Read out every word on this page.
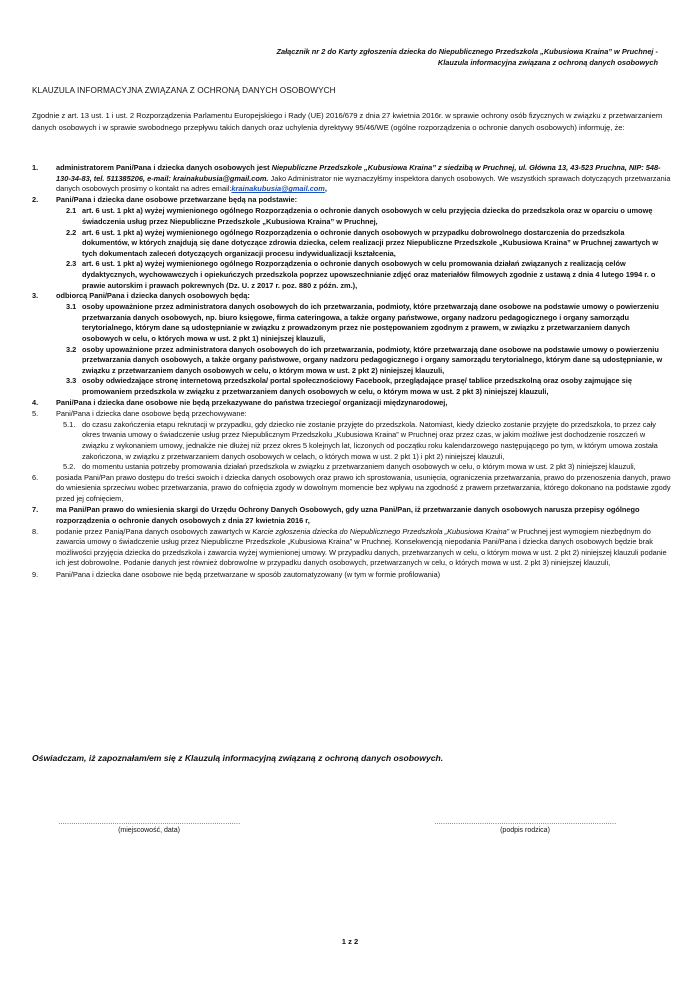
Załącznik nr 2 do Karty zgłoszenia dziecka do Niepublicznego Przedszkola „Kubusiowa Kraina” w Pruchnej -
Klauzula informacyjna związana z ochroną danych osobowych
KLAUZULA INFORMACYJNA ZWIĄZANA Z OCHRONĄ DANYCH OSOBOWYCH
Zgodnie z art. 13 ust. 1 i ust. 2 Rozporządzenia Parlamentu Europejskiego i Rady (UE) 2016/679 z dnia 27 kwietnia 2016r. w sprawie ochrony osób fizycznych w związku z przetwarzaniem danych osobowych i w sprawie swobodnego przepływu takich danych oraz uchylenia dyrektywy 95/46/WE (ogólne rozporządzenia o ochronie danych osobowych) informuję, że:
1. administratorem Pani/Pana i dziecka danych osobowych jest Niepubliczne Przedszkole „Kubusiowa Kraina” z siedzibą w Pruchnej, ul. Główna 13, 43-523 Pruchna, NIP: 548-130-34-83, tel. 511385206, e-mail: krainakubusia@gmail.com. Jako Administrator nie wyznaczyłśmy inspektora danych osobowych. We wszystkich sprawach dotyczących przetwarzania danych osobowych prosimy o kontakt na adres email:krainakubusia@gmail.com,
2. Pani/Pana i dziecka dane osobowe przetwarzane będą na podstawie:
2.1 art. 6 ust. 1 pkt a) wyżej wymienionego ogólnego Rozporządzenia o ochronie danych osobowych w celu przyjęcia dziecka do przedszkola oraz w oparciu o umowę świadczenia usług przez Niepubliczne Przedszkole „Kubusiowa Kraina” w Pruchnej,
2.2 art. 6 ust. 1 pkt a) wyżej wymienionego ogólnego Rozporządzenia o ochronie danych osobowych w przypadku dobrowolnego dostarczenia do przedszkola dokumentów, w których znajdują się dane dotyczące zdrowia dziecka, celem realizacji przez Niepubliczne Przedszkole „Kubusiowa Kraina” w Pruchnej zawartych w tych dokumentach zaleceń dotyczących organizacji procesu indywidualizacji kształcenia,
2.3 art. 6 ust. 1 pkt a) wyżej wymienionego ogólnego Rozporządzenia o ochronie danych osobowych w celu promowania działań związanych z realizacją celów dydaktycznych, wychowawczych i opiekuńczych przedszkola poprzez upowszechnianie zdjęć oraz materiałów filmowych zgodnie z ustawą z dnia 4 lutego 1994 r. o prawie autorskim i prawach pokrewnych (Dz. U. z 2017 r. poz. 880 z późn. zm.),
3. odbiorcą Pani/Pana i dziecka danych osobowych będą:
3.1 osoby upoważnione przez administratora danych osobowych do ich przetwarzania, podmioty, które przetwarzają dane osobowe na podstawie umowy o powierzeniu przetwarzania danych osobowych, np. biuro księgowe, firma cateringowa, a także organy państwowe, organy nadzoru pedagogicznego i organy samorządu terytorialnego, którym dane są udostępnianie w związku z prowadzonym przez nie postępowaniem zgodnym z prawem, w związku z przetwarzaniem danych osobowych w celu, o których mowa w ust. 2 pkt 1) niniejszej klauzuli,
3.2 osoby upoważnione przez administratora danych osobowych do ich przetwarzania, podmioty, które przetwarzają dane osobowe na podstawie umowy o powierzeniu przetwarzania danych osobowych, a także organy państwowe, organy nadzoru pedagogicznego i organy samorządu terytorialnego, którym dane są udostępnianie, w związku z przetwarzaniem danych osobowych w celu, o którym mowa w ust. 2 pkt 2) niniejszej klauzuli,
3.3 osoby odwiedzające stronę internetową przedszkola/ portal społecznościowy Facebook, przeglądające prasę/ tablice przedszkolną oraz osoby zajmujące się promowaniem przedszkola w związku z przetwarzaniem danych osobowych w celu, o którym mowa w ust. 2 pkt 3) niniejszej klauzuli,
4. Pani/Pana i dziecka dane osobowe nie będą przekazywane do państwa trzeciego/ organizacji międzynarodowej,
5. Pani/Pana i dziecka dane osobowe będą przechowywane:
5.1. do czasu zakończenia etapu rekrutacji w przypadku, gdy dziecko nie zostanie przyjęte do przedszkola. Natomiast, kiedy dziecko zostanie przyjęte do przedszkola, to przez cały okres trwania umowy o świadczenie usług przez Niepublicznym Przedszkolu „Kubusiowa Kraina” w Pruchnej oraz przez czas, w jakim możliwe jest dochodzenie roszczeń w związku z wykonaniem umowy, jednakże nie dłużej niż przez okres 5 kolejnych lat, liczonych od początku roku kalendarzowego następującego po tym, w którym umowa została zakończona, w związku z przetwarzaniem danych osobowych w celach, o których mowa w ust. 2 pkt 1) i pkt 2) niniejszej klauzuli,
5.2. do momentu ustania potrzeby promowania działań przedszkola w związku z przetwarzaniem danych osobowych w celu, o którym mowa w ust. 2 pkt 3) niniejszej klauzuli,
6. posiada Pani/Pan prawo dostępu do treści swoich i dziecka danych osobowych oraz prawo ich sprostowania, usunięcia, ograniczenia przetwarzania, prawo do przenoszenia danych, prawo do wniesienia sprzeciwu wobec przetwarzania, prawo do cofnięcia zgody w dowolnym momencie bez wpływu na zgodność z prawem przetwarzania, którego dokonano na podstawie zgody przed jej cofnięciem,
7. ma Pani/Pan prawo do wniesienia skargi do Urzędu Ochrony Danych Osobowych, gdy uzna Pani/Pan, iż przetwarzanie danych osobowych narusza przepisy ogólnego rozporządzenia o ochronie danych osobowych z dnia 27 kwietnia 2016 r,
8. podanie przez Panią/Pana danych osobowych zawartych w Karcie zgłoszenia dziecka do Niepublicznego Przedszkola „Kubusiowa Kraina” w Pruchnej jest wymogiem niezbędnym do zawarcia umowy o świadczenie usług przez Niepubliczne Przedszkole „Kubusiowa Kraina” w Pruchnej. Konsekwencją niepodania Pani/Pana i dziecka danych osobowych będzie brak możliwości przyjęcia dziecka do przedszkola i zawarcia wyżej wymienionej umowy. W przypadku danych, przetwarzanych w celu, o którym mowa w ust. 2 pkt 2) niniejszej klauzuli podanie ich jest dobrowolne. Podanie danych jest również dobrowolne w przypadku danych osobowych, przetwarzanych w celu, o których mowa w ust. 2 pkt 3) niniejszej klauzuli,
9. Pani/Pana i dziecka dane osobowe nie będą przetwarzane w sposób zautomatyzowany (w tym w formie profilowania)
Oświadczam, iż zapoznałam/em się z Klauzulą informacyjną związaną z ochroną danych osobowych.
…………………………………………………………………………
(miejscowość, data)
…………………………………………………………………………
(podpis rodzica)
1 z 2
